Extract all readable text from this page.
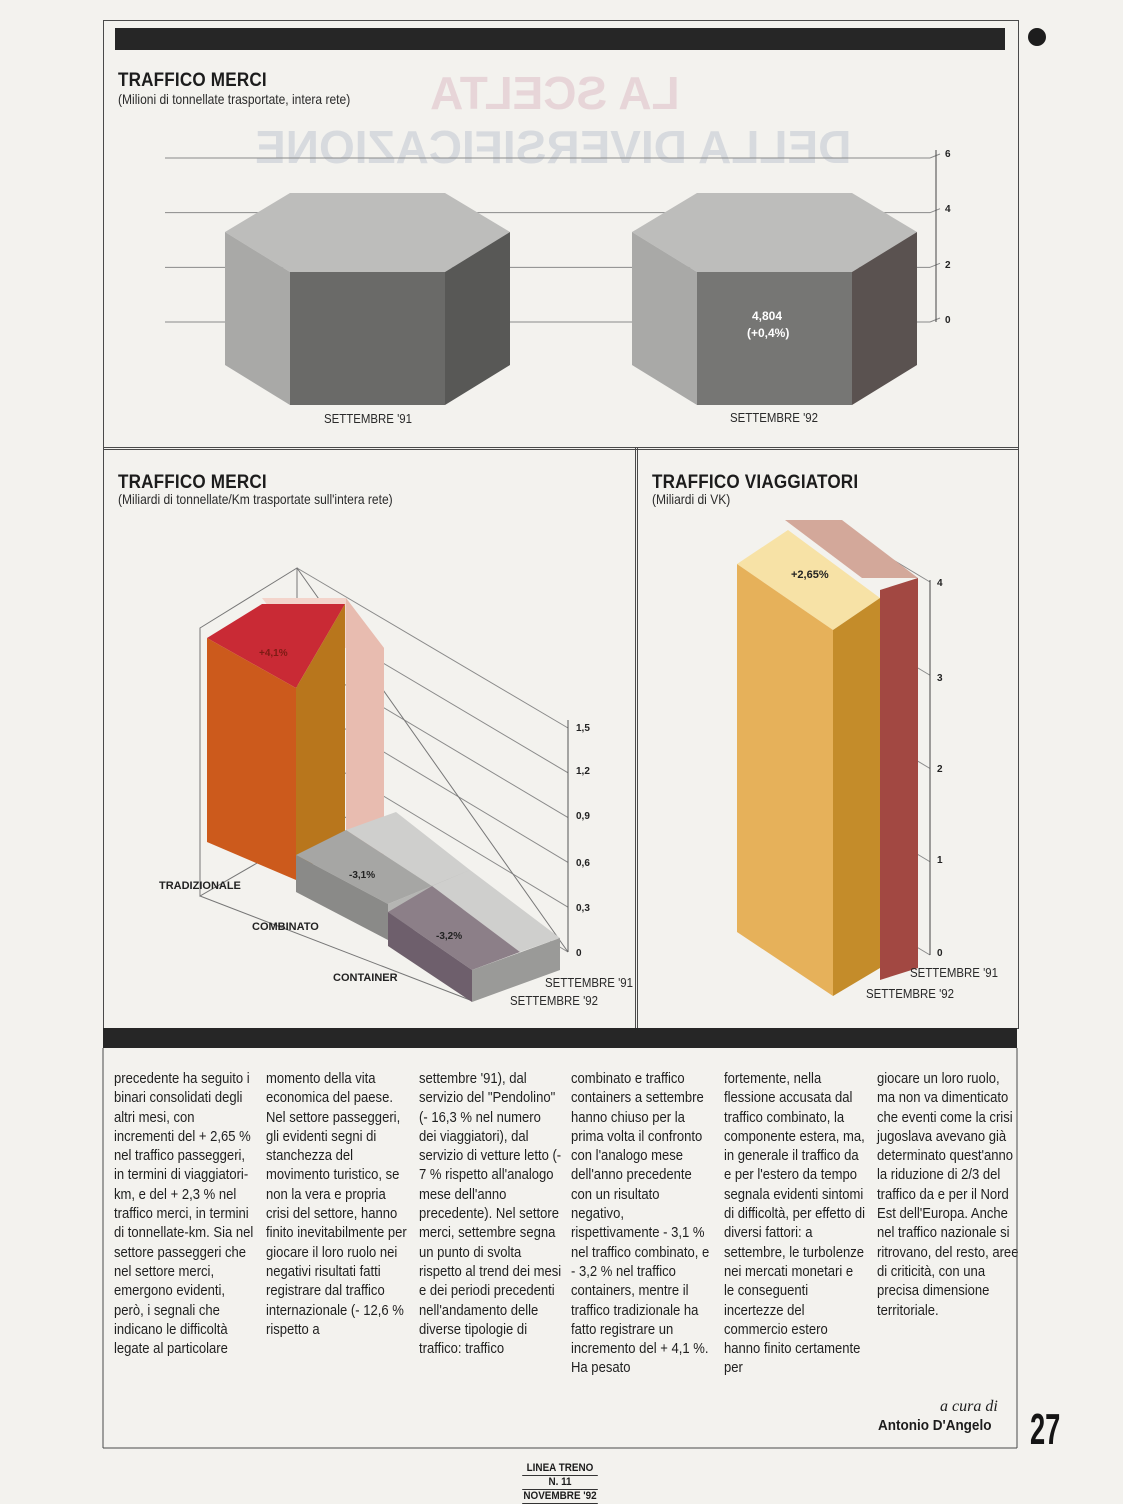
LA SCELTA
DELLA DIVERSIFICAZIONE
TRAFFICO MERCI
(Milioni di tonnellate trasportate, intera rete)
4,804
(+0,4%)
6
4
2
0
SETTEMBRE '91	SETTEMBRE '92
TRAFFICO MERCI
(Miliardi di tonnellate/Km trasportate sull'intera rete)
+4,1%
-3,1%
-3,2%
TRADIZIONALE
COMBINATO
CONTAINER
1,5
1,2
0,9
0,6
0,3
0
SETTEMBRE '91
SETTEMBRE '92
TRAFFICO VIAGGIATORI
(Miliardi di VK)
+2,65%
4
3
2
1
0
SETTEMBRE '91
SETTEMBRE '92

precedente ha seguito i binari consolidati degli altri mesi, con incrementi del + 2,65 % nel traffico passeggeri, in termini di viaggiatori-km, e del + 2,3 % nel traffico merci, in termini di tonnellate-km. Sia nel settore passeggeri che nel settore merci, emergono evidenti, però, i segnali che indicano le difficoltà legate al particolare

momento della vita economica del paese. Nel settore passeggeri, gli evidenti segni di stanchezza del movimento turistico, se non la vera e propria crisi del settore, hanno finito inevitabilmente per giocare il loro ruolo nei negativi risultati fatti registrare dal traffico internazionale (- 12,6 % rispetto a

settembre '91), dal servizio del "Pendolino" (- 16,3 % nel numero dei viaggiatori), dal servizio di vetture letto (- 7 % rispetto all'analogo mese dell'anno precedente). Nel settore merci, settembre segna un punto di svolta rispetto al trend dei mesi e dei periodi precedenti nell'andamento delle diverse tipologie di traffico: traffico

combinato e traffico containers a settembre hanno chiuso per la prima volta il confronto con l'analogo mese dell'anno precedente con un risultato negativo, rispettivamente - 3,1 % nel traffico combinato, e - 3,2 % nel traffico containers, mentre il traffico tradizionale ha fatto registrare un incremento del + 4,1 %. Ha pesato

fortemente, nella flessione accusata dal traffico combinato, la componente estera, ma, in generale il traffico da e per l'estero da tempo segnala evidenti sintomi di difficoltà, per effetto di diversi fattori: a settembre, le turbolenze nei mercati monetari e le conseguenti incertezze del commercio estero hanno finito certamente per

giocare un loro ruolo, ma non va dimenticato che eventi come la crisi jugoslava avevano già determinato quest'anno la riduzione di 2/3 del traffico da e per il Nord Est dell'Europa. Anche nel traffico nazionale si ritrovano, del resto, aree di criticità, con una precisa dimensione territoriale.

a cura di
Antonio D'Angelo 27
LINEA TRENO
N. 11
NOVEMBRE '92
